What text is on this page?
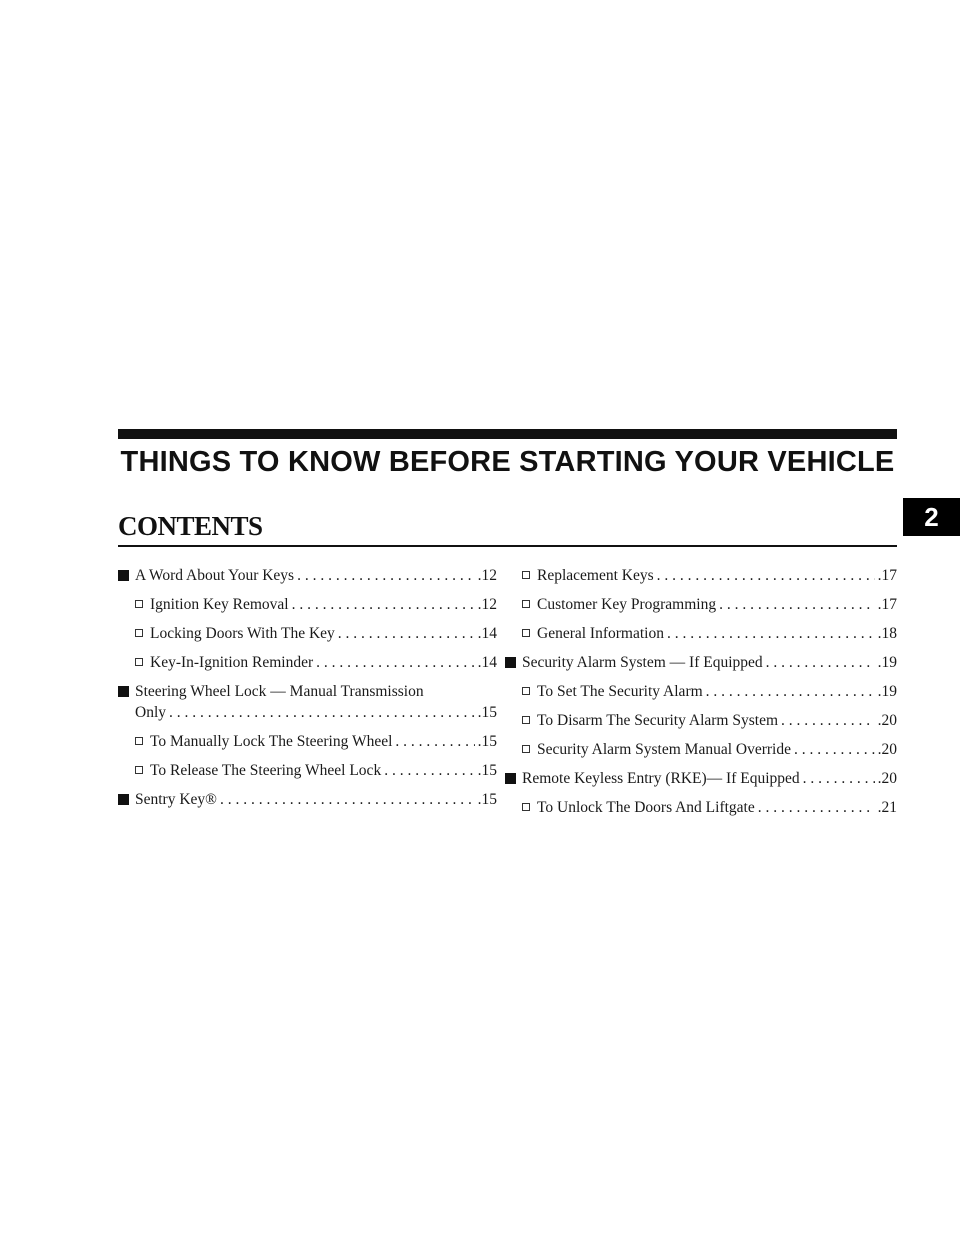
THINGS TO KNOW BEFORE STARTING YOUR VEHICLE
2
CONTENTS
A Word About Your Keys . . .	.12
Ignition Key Removal . . .	.12
Locking Doors With The Key . . .	.14
Key-In-Ignition Reminder . . .	.14
Steering Wheel Lock — Manual Transmission
Only . . .	.15
To Manually Lock The Steering Wheel . . .	.15
To Release The Steering Wheel Lock . . .	.15
Sentry Key® . . .	.15
Replacement Keys . . .	.17
Customer Key Programming . . .	.17
General Information . . .	.18
Security Alarm System — If Equipped . . .	.19
To Set The Security Alarm . . .	.19
To Disarm The Security Alarm System . . .	.20
Security Alarm System Manual Override . . .	.20
Remote Keyless Entry (RKE)— If Equipped . . .	.20
To Unlock The Doors And Liftgate . . .	.21
